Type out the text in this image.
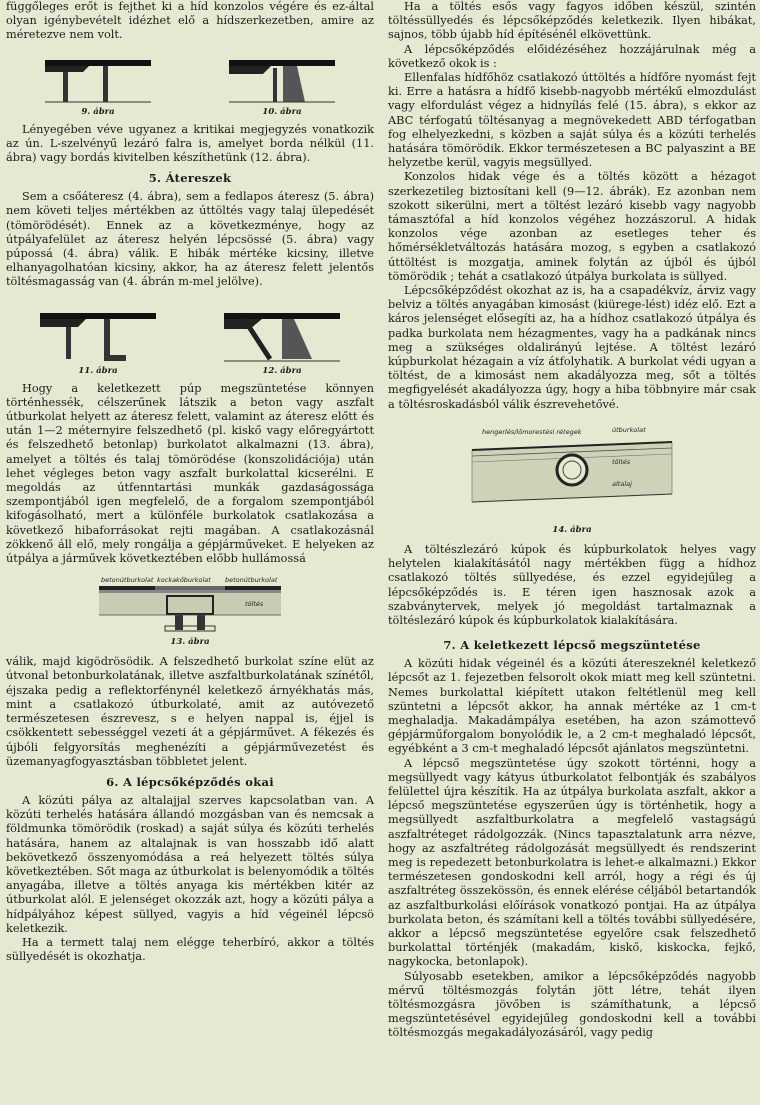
függőleges erőt is fejthet ki a híd konzolos végére és ez-által olyan igénybevételt idézhet elő a hídszerkezetben, amire az méretezve nem volt.

9. ábra	10. ábra

Lényegében véve ugyanez a kritikai megjegyzés vonatkozik az ún. L-szelvényű lezáró falra is, amelyet borda nélkül (11. ábra) vagy bordás kivitelben készíthetünk (12. ábra).

5. Átereszek

Sem a csőáteresz (4. ábra), sem a fedlapos áteresz (5. ábra) nem követi teljes mértékben az úttöltés vagy talaj ülepedését (tömörödését). Ennek az a következménye, hogy az útpályafelület az áteresz helyén lépcsössé (5. ábra) vagy púpossá (4. ábra) válik. E hibák mértéke kicsiny, illetve elhanyagolhatóan kicsiny, akkor, ha az áteresz felett jelentős töltésmagasság van (4. ábrán m-mel jelölve).

11. ábra	12. ábra

Hogy a keletkezett púp megszüntetése könnyen történhessék, célszerűnek látszik a beton vagy aszfalt útburkolat helyett az áteresz felett, valamint az áteresz előtt és után 1—2 méternyire felszedhető (pl. kiskő vagy előregyártott és felszedhető betonlap) burkolatot alkalmazni (13. ábra), amelyet a töltés és talaj tömörödése (konszolidációja) után lehet végleges beton vagy aszfalt burkolattal kicserélni. E megoldás az útfenntartási munkák gazdaságossága szempontjából igen megfelelő, de a forgalom szempontjából kifogásolható, mert a különféle burkolatok csatlakozása a következő hibaforrásokat rejti magában. A csatlakozásnál zökkenő áll elő, mely rongálja a gépjárműveket. E helyeken az útpálya a járművek következtében előbb hullámossá

betonútburkolat kockakőburkolat betonútburkolat
töltés
13. ábra

válik, majd kigödrösödik. A felszedhető burkolat színe elüt az útvonal betonburkolatának, illetve aszfaltburkolatának színétől, éjszaka pedig a reflektorfénynél keletkező árnyékhatás más, mint a csatlakozó útburkolaté, amit az autóvezető természetesen észrevesz, s e helyen nappal is, éjjel is csökkentett sebességgel vezeti át a gépjárművet. A fékezés és újbóli felgyorsítás meghenézíti a gépjárművezetést és üzemanyagfogyasztásban többletet jelent.

6. A lépcsőképződés okai

A közúti pálya az altalajjal szerves kapcsolatban van. A közúti terhelés hatására állandó mozgásban van és nemcsak a földmunka tömörödik (roskad) a saját súlya és közúti terhelés hatására, hanem az altalajnak is van hosszabb idő alatt bekövetkező összenyomódása a reá helyezett töltés súlya következtében. Sőt maga az útburkolat is belenyomódik a töltés anyagába, illetve a töltés anyaga kis mértékben kitér az útburkolat alól. E jelenséget okozzák azt, hogy a közúti pálya a hídpályához képest süllyed, vagyis a híd végeinél lépcsö keletkezik.

Ha a termett talaj nem elégge teherbíró, akkor a töltés süllyedését is okozhatja.

Ha a töltés esős vagy fagyos időben készül, szintén töltéssüllyedés és lépcsőképződés keletkezik. Ilyen hibákat, sajnos, több újabb híd építésénél elkövettünk.

A lépcsőképződés előidézéséhez hozzájárulnak még a következő okok is :

Ellenfalas hídfőhöz csatlakozó úttöltés a hídfőre nyomást fejt ki. Erre a hatásra a hídfő kisebb-nagyobb mértékű elmozdulást vagy elfordulást végez a hidnyílás felé (15. ábra), s ekkor az ABC térfogatú töltésanyag a megnövekedett ABD térfogatban fog elhelyezkedni, s közben a saját súlya és a közúti terhelés hatására tömörödik. Ekkor természetesen a BC palyaszint a BE helyzetbe kerül, vagyis megsüllyed.

Konzolos hidak vége és a töltés között a hézagot szerkezetileg biztosítani kell (9—12. ábrák). Ez azonban nem szokott sikerülni, mert a töltést lezáró kisebb vagy nagyobb támasztófal a híd konzolos végéhez hozzászorul. A hidak konzolos vége azonban az esetleges teher és hőmérsékletváltozás hatására mozog, s egyben a csatlakozó úttöltést is mozgatja, aminek folytán az újból és újból tömörödik ; tehát a csatlakozó útpálya burkolata is süllyed.

Lépcsőképződést okozhat az is, ha a csapadékvíz, árviz vagy belviz a töltés anyagában kimosást (kiürege-lést) idéz elő. Ezt a káros jelenséget elősegíti az, ha a hídhoz csatlakozó útpálya és padka burkolata nem hézagmentes, vagy ha a padkának nincs meg a szükséges oldalirányú lejtése. A töltést lezáró kúpburkolat hézagain a víz átfolyhatik. A burkolat védi ugyan a töltést, de a kimosást nem akadályozza meg, sőt a töltés megfigyelését akadályozza úgy, hogy a hiba többnyire már csak a töltésroskadásból válik észrevehetővé.

hengerlés/lőmorestési rétegek	útburkolat
töltés
altalaj
14. ábra

A töltészlezáró kúpok és kúpburkolatok helyes vagy helytelen kialakításától nagy mértékben függ a hídhoz csatlakozó töltés süllyedése, és ezzel egyidejűleg a lépcsőképződés is. E téren igen hasznosak azok a szabványtervek, melyek jó megoldást tartalmaznak a töltéslezáró kúpok és kúpburkolatok kialakítására.

7. A keletkezett lépcső megszüntetése

A közúti hidak végeinél és a közúti átereszeknél keletkező lépcsőt az 1. fejezetben felsorolt okok miatt meg kell szüntetni. Nemes burkolattal kiépített utakon feltétlenül meg kell szüntetni a lépcsőt akkor, ha annak mértéke az 1 cm-t meghaladja. Makadámpálya esetében, ha azon számottevő gépjárműforgalom bonyolódik le, a 2 cm-t meghaladó lépcsőt, egyébként a 3 cm-t meghaladó lépcsőt ajánlatos megszüntetni.

A lépcső megszüntetése úgy szokott történni, hogy a megsüllyedt vagy kátyus útburkolatot felbontják és szabályos felülettel újra készítik. Ha az útpálya burkolata aszfalt, akkor a lépcső megszüntetése egyszerűen úgy is történhetik, hogy a megsüllyedt aszfaltburkolatra a megfelelő vastagságú aszfaltréteget rádolgozzák. (Nincs tapasztalatunk arra nézve, hogy az aszfaltréteg rádolgozását megsüllyedt és rendszerint meg is repedezett betonburkolatra is lehet-e alkalmazni.) Ekkor természetesen gondoskodni kell arról, hogy a régi és új aszfaltréteg összekössön, és ennek elérése céljából betartandók az aszfaltburkolási előírások vonatkozó pontjai. Ha az útpálya burkolata beton, és számítani kell a töltés további süllyedésére, akkor a lépcső megszüntetése egyelőre csak felszedhető burkolattal történjék (makadám, kiskő, kiskocka, fejkő, nagykocka, betonlapok).

Súlyosabb esetekben, amikor a lépcsőképződés nagyobb mérvű töltésmozgás folytán jött létre, tehát ilyen töltésmozgásra jövőben is számíthatunk, a lépcső megszüntetésével egyidejűleg gondoskodni kell a további töltésmozgás megakadályozásáról, vagy pedig
